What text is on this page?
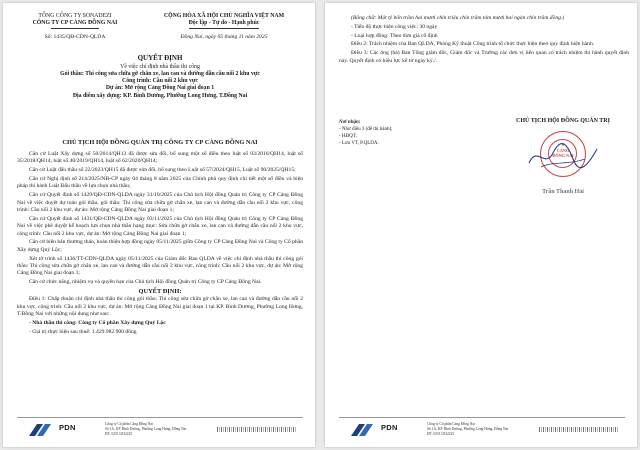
TỔNG CÔNG TY SONADEZI
CÔNG TY CP CẢNG ĐỒNG NAI
Số: 1435/QĐ-CDN-QLDA
CỘNG HÒA XÃ HỘI CHỦ NGHĨA VIỆT NAM
Độc lập - Tự do - Hạnh phúc
Đồng Nai, ngày 05 tháng 11 năm 2025
QUYẾT ĐỊNH
Về việc chỉ định nhà thầu thi công
Gói thầu: Thi công sửa chữa gờ chắn xe, lan can và đường dẫn cầu nối 2 khu vực
Công trình: Cầu nối 2 khu vực
Dự án: Mở rộng Cảng Đồng Nai giai đoạn 1
Địa điểm xây dựng: KP. Bình Dương, Phường Long Hưng, T.Đồng Nai
CHỦ TỊCH HỘI ĐỒNG QUẢN TRỊ CÔNG TY CP CẢNG ĐỒNG NAI

Căn cứ Luật Xây dựng số 50/2014/QH13 đã được sửa đổi, bổ sung một số điều theo luật số 03/2016/QH14, luật số 35/2018/QH14, luật số 40/2019/QH14, luật số 62/2020/QH14;

Căn cứ Luật đấu thầu số 22/2023/QH15 đã được sửa đổi, bổ sung theo Luật số 57/2024/QH15, Luật số 90/2025/QH15;

Căn cứ Nghị định số 214/2025/NĐ-CP ngày 04 tháng 8 năm 2025 của Chính phủ quy định chi tiết một số điều và biện pháp thi hành Luật Đấu thầu về lựa chọn nhà thầu;

Căn cứ Quyết định số 1429/QĐ-CDN-QLDA ngày 31/10/2025 của Chủ tịch Hội đồng Quản trị Công ty CP Cảng Đồng Nai về việc duyệt dự toán gói thầu, gói thầu: Thi công sửa chữa gờ chắn xe, lan can và đường dẫn cầu nối 2 khu vực, công trình: Cầu nối 2 khu vực, dự án: Mở rộng Cảng Đồng Nai giai đoạn 1;

Căn cứ Quyết định số 1431/QĐ-CDN-QLDA ngày 03/11/2025 của Chủ tịch Hội đồng Quản trị Công ty CP Cảng Đồng Nai về việc phê duyệt kế hoạch lựa chọn nhà thầu hạng mục: Sửa chữa gờ chắn xe, lan can và đường dẫn cầu nối 2 khu vực, công trình: Cầu nối 2 khu vực, dự án: Mở rộng Cảng Đồng Nai giai đoạn 1;

Căn cứ biên bản thương thảo, hoàn thiện hợp đồng ngày 05/11/2025 giữa Công ty CP Cảng Đồng Nai và Công ty Cổ phần Xây dựng Quý Lộc;

Xét tờ trình số 1436/TT-CDN-QLDA ngày 05/11/2025 của Giám đốc Ban QLDA về việc chỉ định nhà thầu thi công gói thầu: Thi công sửa chữa gờ chắn xe, lan can và đường dẫn cầu nối 2 khu vực, công trình: Cầu nối 2 khu vực, dự án: Mở rộng Cảng Đồng Nai giai đoạn 1;

Căn cứ chức năng, nhiệm vụ và quyền hạn của Chủ tịch Hội đồng Quản trị Công ty CP Cảng Đồng Nai.

QUYẾT ĐỊNH:

Điều 1: Chấp thuận chỉ định nhà thầu thi công gói thầu: Thi công sửa chữa gờ chắn xe, lan can và đường dẫn cầu nối 2 khu vực, công trình: Cầu nối 2 khu vực, dự án: Mở rộng Cảng Đồng Nai giai đoạn 1 tại KP. Bình Dương, Phường Long Hưng, T.Đồng Nai với những nội dung như sau:

- Nhà thầu thi công: Công ty Cổ phần Xây dựng Quý Lộc

- Giá trị thực hiện sau thuế: 1.429.982.900 đồng

PDN	Công ty Cổ phần Cảng Đồng Nai
Số 1A, KP. Bình Dương, Phường Long Hưng, Đồng Nai
ĐT: 02513.832225

(Bằng chữ: Một tỷ bốn trăm hai mươi chín triệu chín trăm tám mươi hai ngàn chín trăm đồng.)

- Tiến độ thực hiện công việc: 30 ngày

- Loại hợp đồng: Theo đơn giá cố định

Điều 2: Trách nhiệm của Ban QLDA, Phòng Kỹ thuật Công trình tổ chức thực hiện theo quy định hiện hành.

Điều 3: Các ông (bà) Ban Tổng giám đốc, Giám đốc và Trưởng các đơn vị liên quan có trách nhiệm thi hành quyết định này. Quyết định có hiệu lực kể từ ngày ký./.

Nơi nhận:
- Như điều 3 (để thi hành);
- HĐQT;
- Lưu VT, P.QLDA.
CHỦ TỊCH HỘI ĐỒNG QUẢN TRỊ
★
CẢNG
ĐỒNG NAI
Trần Thanh Hải
PDN	Công ty Cổ phần Cảng Đồng Nai
Số 1A, KP. Bình Dương, Phường Long Hưng, Đồng Nai
ĐT: 02513.832225
